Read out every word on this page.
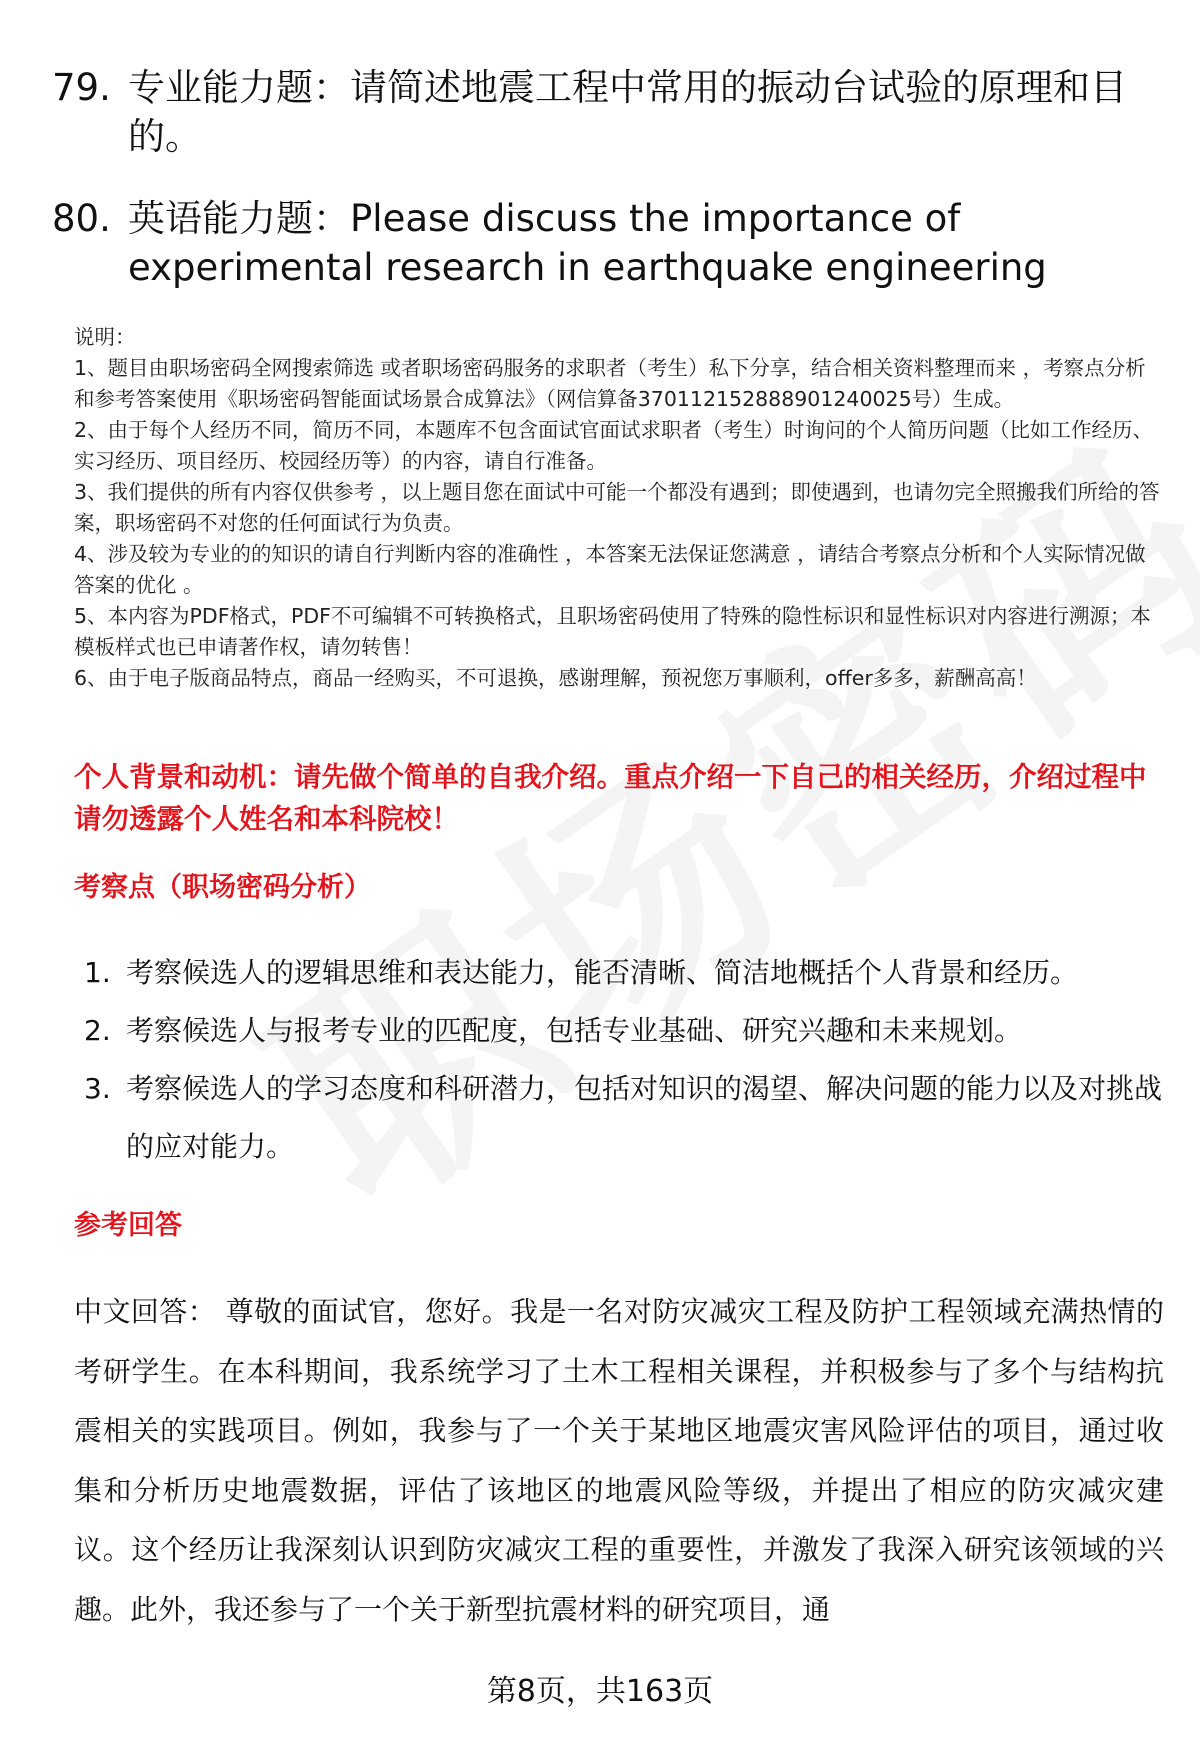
79. 专业能力题：请简述地震工程中常用的振动台试验的原理和目的。
80. 英语能力题：Please discuss the importance of experimental research in earthquake engineering

说明：

1、题目由职场密码全网搜索筛选 或者职场密码服务的求职者（考生）私下分享，结合相关资料整理而来 ，考察点分析和参考答案使用《职场密码智能面试场景合成算法》（网信算备370112152888901240025号）生成。

2、由于每个人经历不同，简历不同，本题库不包含面试官面试求职者（考生）时询问的个人简历问题（比如工作经历、实习经历、项目经历、校园经历等）的内容，请自行准备。

3、我们提供的所有内容仅供参考 ，以上题目您在面试中可能一个都没有遇到；即使遇到，也请勿完全照搬我们所给的答案，职场密码不对您的任何面试行为负责。

4、涉及较为专业的的知识的请自行判断内容的准确性 ，本答案无法保证您满意 ，请结合考察点分析和个人实际情况做答案的优化 。

5、本内容为PDF格式，PDF不可编辑不可转换格式，且职场密码使用了特殊的隐性标识和显性标识对内容进行溯源；本模板样式也已申请著作权，请勿转售！

6、由于电子版商品特点，商品一经购买，不可退换，感谢理解，预祝您万事顺利，offer多多，薪酬高高！

个人背景和动机：请先做个简单的自我介绍。重点介绍一下自己的相关经历，介绍过程中请勿透露个人姓名和本科院校！
考察点（职场密码分析）
1. 考察候选人的逻辑思维和表达能力，能否清晰、简洁地概括个人背景和经历。
2. 考察候选人与报考专业的匹配度，包括专业基础、研究兴趣和未来规划。
3. 考察候选人的学习态度和科研潜力，包括对知识的渴望、解决问题的能力以及对挑战的应对能力。
参考回答
中文回答： 尊敬的面试官，您好。我是一名对防灾减灾工程及防护工程领域充满热情的考研学生。在本科期间，我系统学习了土木工程相关课程，并积极参与了多个与结构抗震相关的实践项目。例如，我参与了一个关于某地区地震灾害风险评估的项目，通过收集和分析历史地震数据，评估了该地区的地震风险等级，并提出了相应的防灾减灾建议。这个经历让我深刻认识到防灾减灾工程的重要性，并激发了我深入研究该领域的兴趣。此外，我还参与了一个关于新型抗震材料的研究项目，通
第8页，共163页
